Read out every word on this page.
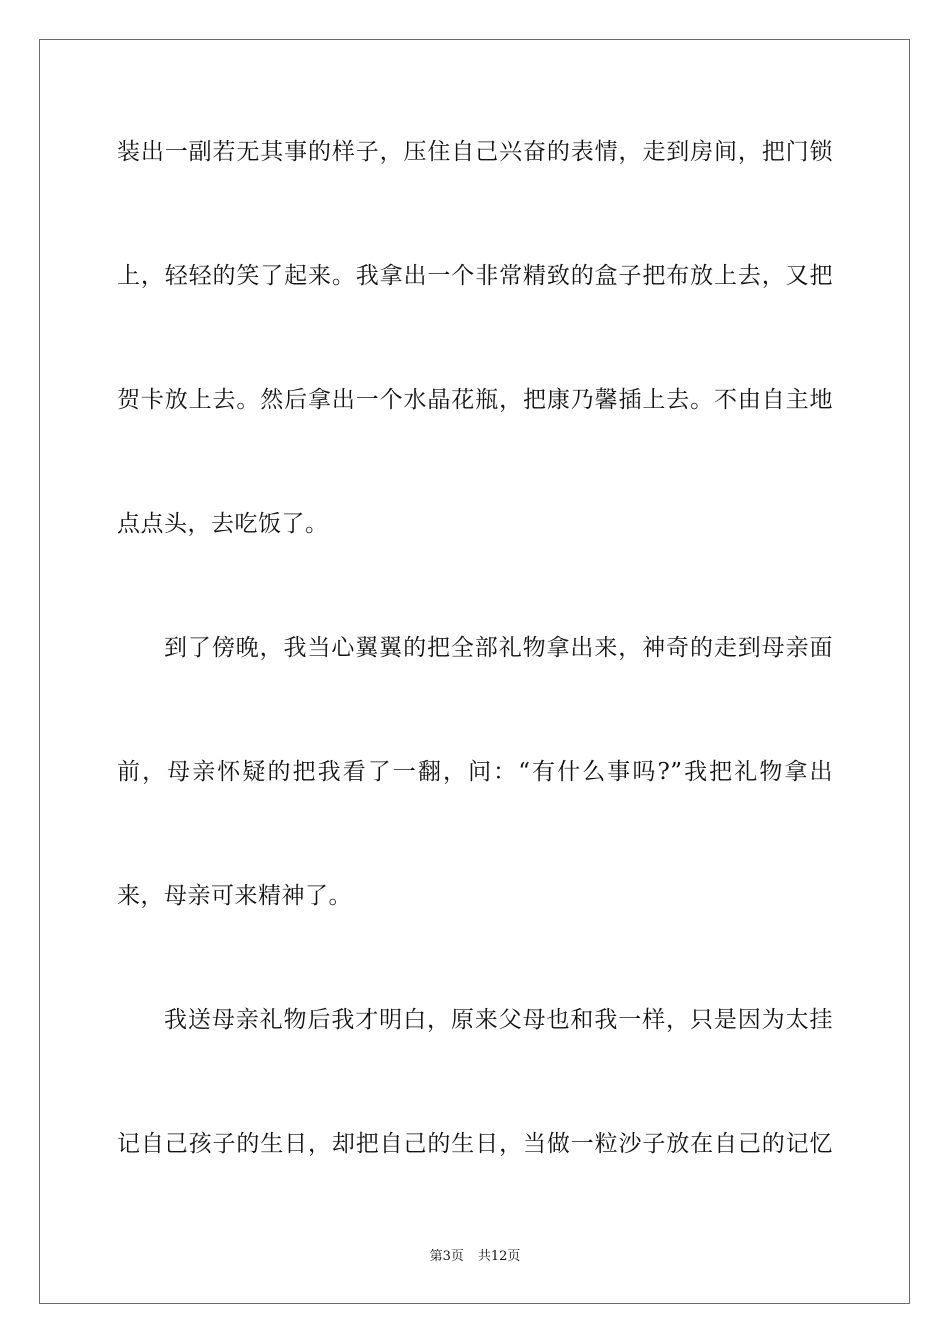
装出一副若无其事的样子，压住自己兴奋的表情，走到房间，把门锁
上，轻轻的笑了起来。我拿出一个非常精致的盒子把布放上去，又把
贺卡放上去。然后拿出一个水晶花瓶，把康乃馨插上去。不由自主地
点点头，去吃饭了。
到了傍晚，我当心翼翼的把全部礼物拿出来，神奇的走到母亲面
前，母亲怀疑的把我看了一翻，问：“有什么事吗?”我把礼物拿出
来，母亲可来精神了。
我送母亲礼物后我才明白，原来父母也和我一样，只是因为太挂
记自己孩子的生日，却把自己的生日，当做一粒沙子放在自己的记忆
第3页 共12页
